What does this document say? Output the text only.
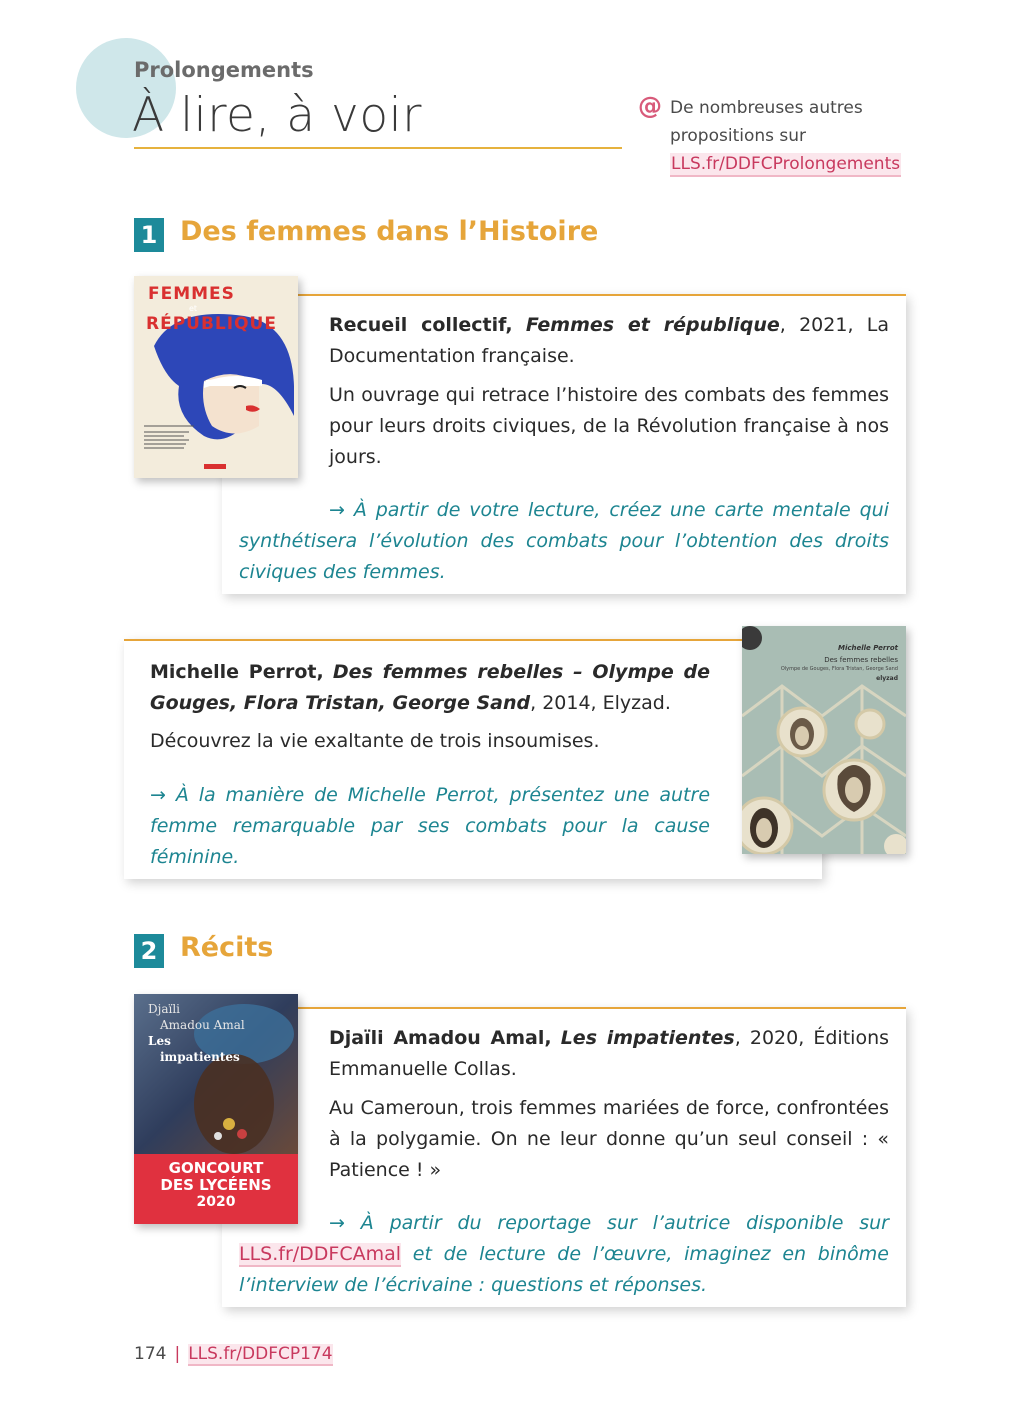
Prolongements
À lire, à voir	@ De nombreuses autres propositions sur
LLS.fr/DDFCProlongements
1 Des femmes dans l’Histoire
Recueil collectif, Femmes et république, 2021, La Documentation française.
Un ouvrage qui retrace l’histoire des combats des femmes pour leurs droits civiques, de la Révolution française à nos jours.
→ À partir de votre lecture, créez une carte mentale qui synthétisera l’évolution des combats pour l’obtention des droits civiques des femmes.
FEMMES
et
RÉPUBLIQUE
Michelle Perrot, Des femmes rebelles – Olympe de Gouges, Flora Tristan, George Sand, 2014, Elyzad.
Découvrez la vie exaltante de trois insoumises.
→ À la manière de Michelle Perrot, présentez une autre femme remarquable par ses combats pour la cause féminine.
Michelle Perrot
Des femmes rebelles
Olympe de Gouges, Flora Tristan, George Sand
elyzad
2 Récits
Djaïli Amadou Amal, Les impatientes, 2020, Éditions Emmanuelle Collas.
Au Cameroun, trois femmes mariées de force, confrontées à la polygamie. On ne leur donne qu’un seul conseil : « Patience ! »
→ À partir du reportage sur l’autrice disponible sur LLS.fr/DDFCAmal et de lecture de l’œuvre, imaginez en binôme l’interview de l’écrivaine : questions et réponses.
Djaïli
Amadou Amal
Les
impatientes
GONCOURT
DES LYCÉENS
2020
174 | LLS.fr/DDFCP174
